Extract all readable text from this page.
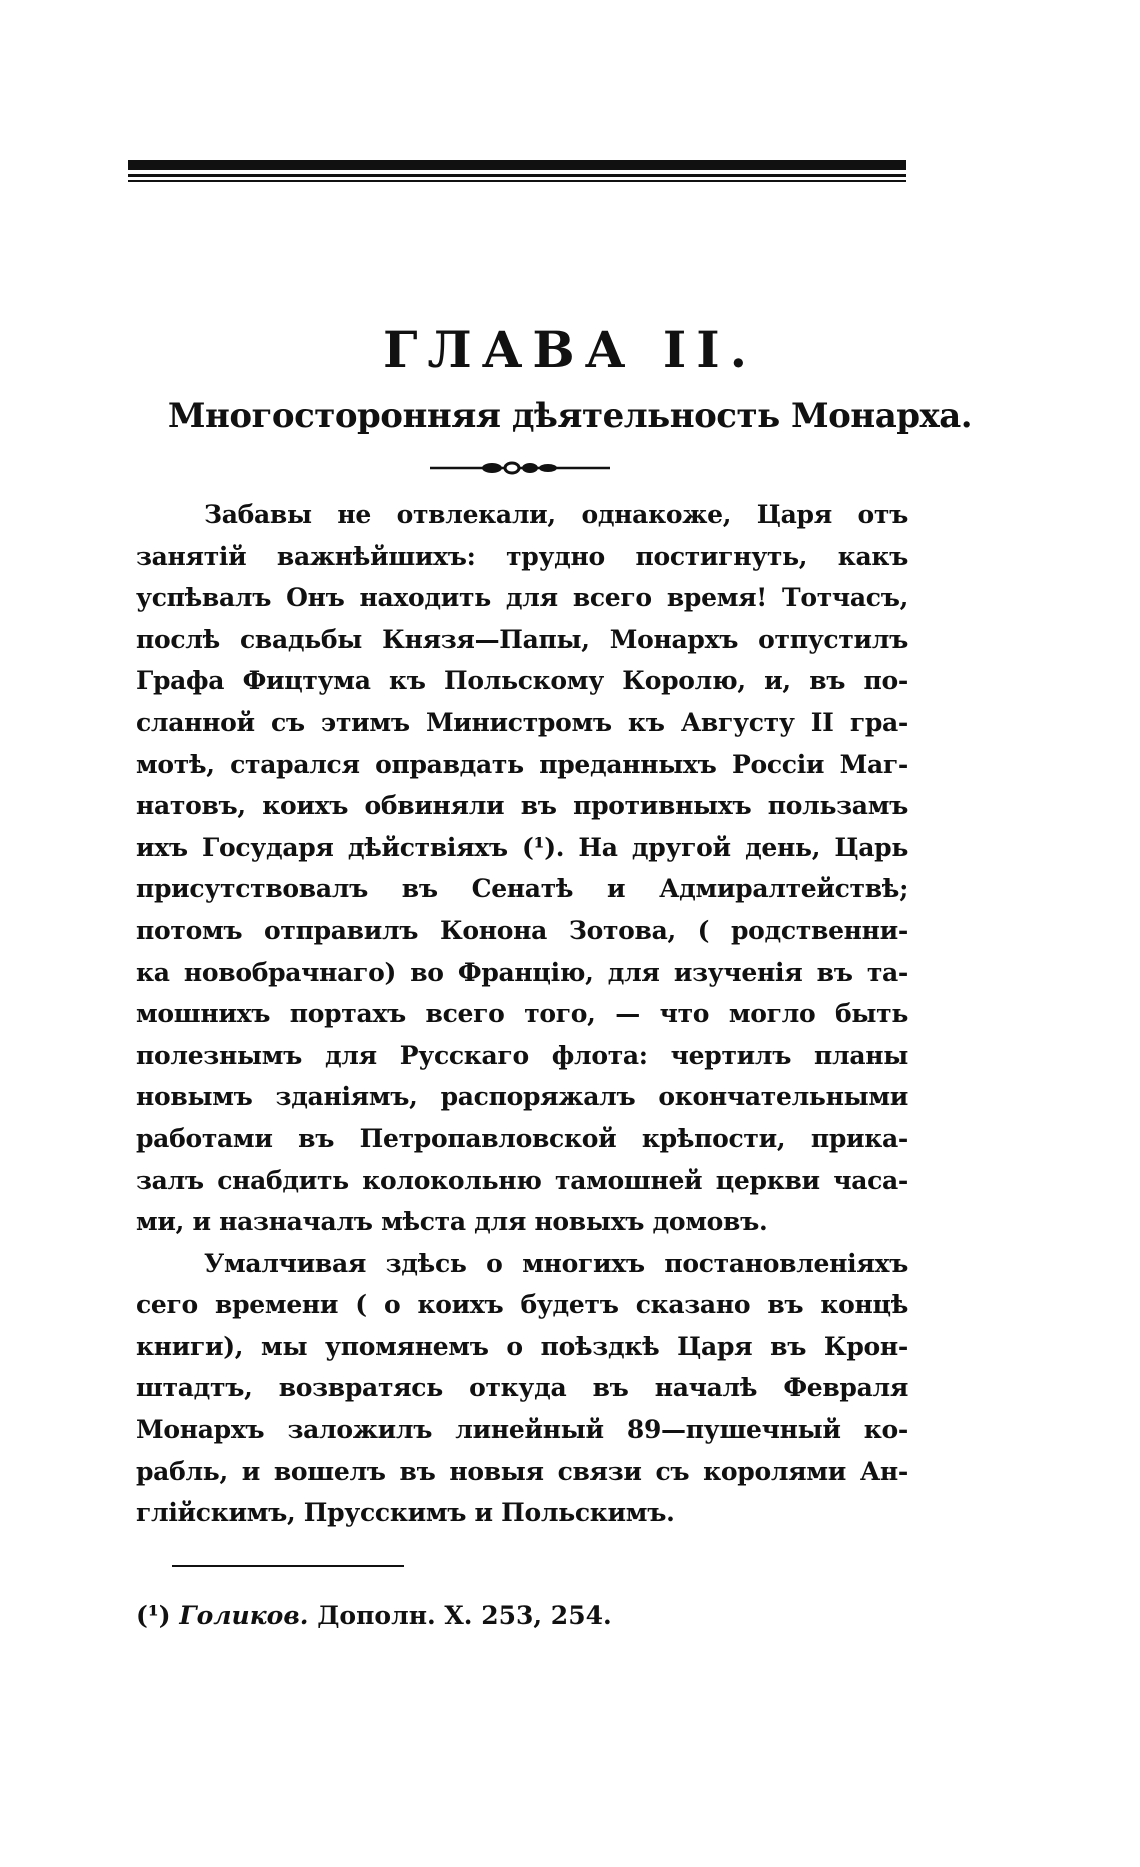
ГЛАВА II.
Многосторонняя дѣятельность Монарха.
Забавы не отвлекали, однакоже, Царя отъ
занятій важнѣйшихъ: трудно постигнуть, какъ
успѣвалъ Онъ находить для всего время! Тотчасъ,
послѣ свадьбы Князя—Папы, Монархъ отпустилъ
Графа Фицтума къ Польскому Королю, и, въ по-
сланной съ этимъ Министромъ къ Августу II гра-
мотѣ, старался оправдать преданныхъ Россіи Маг-
натовъ, коихъ обвиняли въ противныхъ пользамъ
ихъ Государя дѣйствіяхъ (¹). На другой день, Царь
присутствовалъ въ Сенатѣ и Адмиралтействѣ;
потомъ отправилъ Конона Зотова, ( родственни-
ка новобрачнаго) во Францію, для изученія въ та-
мошнихъ портахъ всего того, — что могло быть
полезнымъ для Русскаго флота: чертилъ планы
новымъ зданіямъ, распоряжалъ окончательными
работами въ Петропавловской крѣпости, прика-
залъ снабдить колокольню тамошней церкви часа-
ми, и назначалъ мѣста для новыхъ домовъ.
Умалчивая здѣсь о многихъ постановленіяхъ
сего времени ( о коихъ будетъ сказано въ концѣ
книги), мы упомянемъ о поѣздкѣ Царя въ Крон-
штадтъ, возвратясь откуда въ началѣ Февраля
Монархъ заложилъ линейный 89—пушечный ко-
рабль, и вошелъ въ новыя связи съ королями Ан-
глійскимъ, Прусскимъ и Польскимъ.
(¹) Голиков. Дополн. X. 253, 254.
